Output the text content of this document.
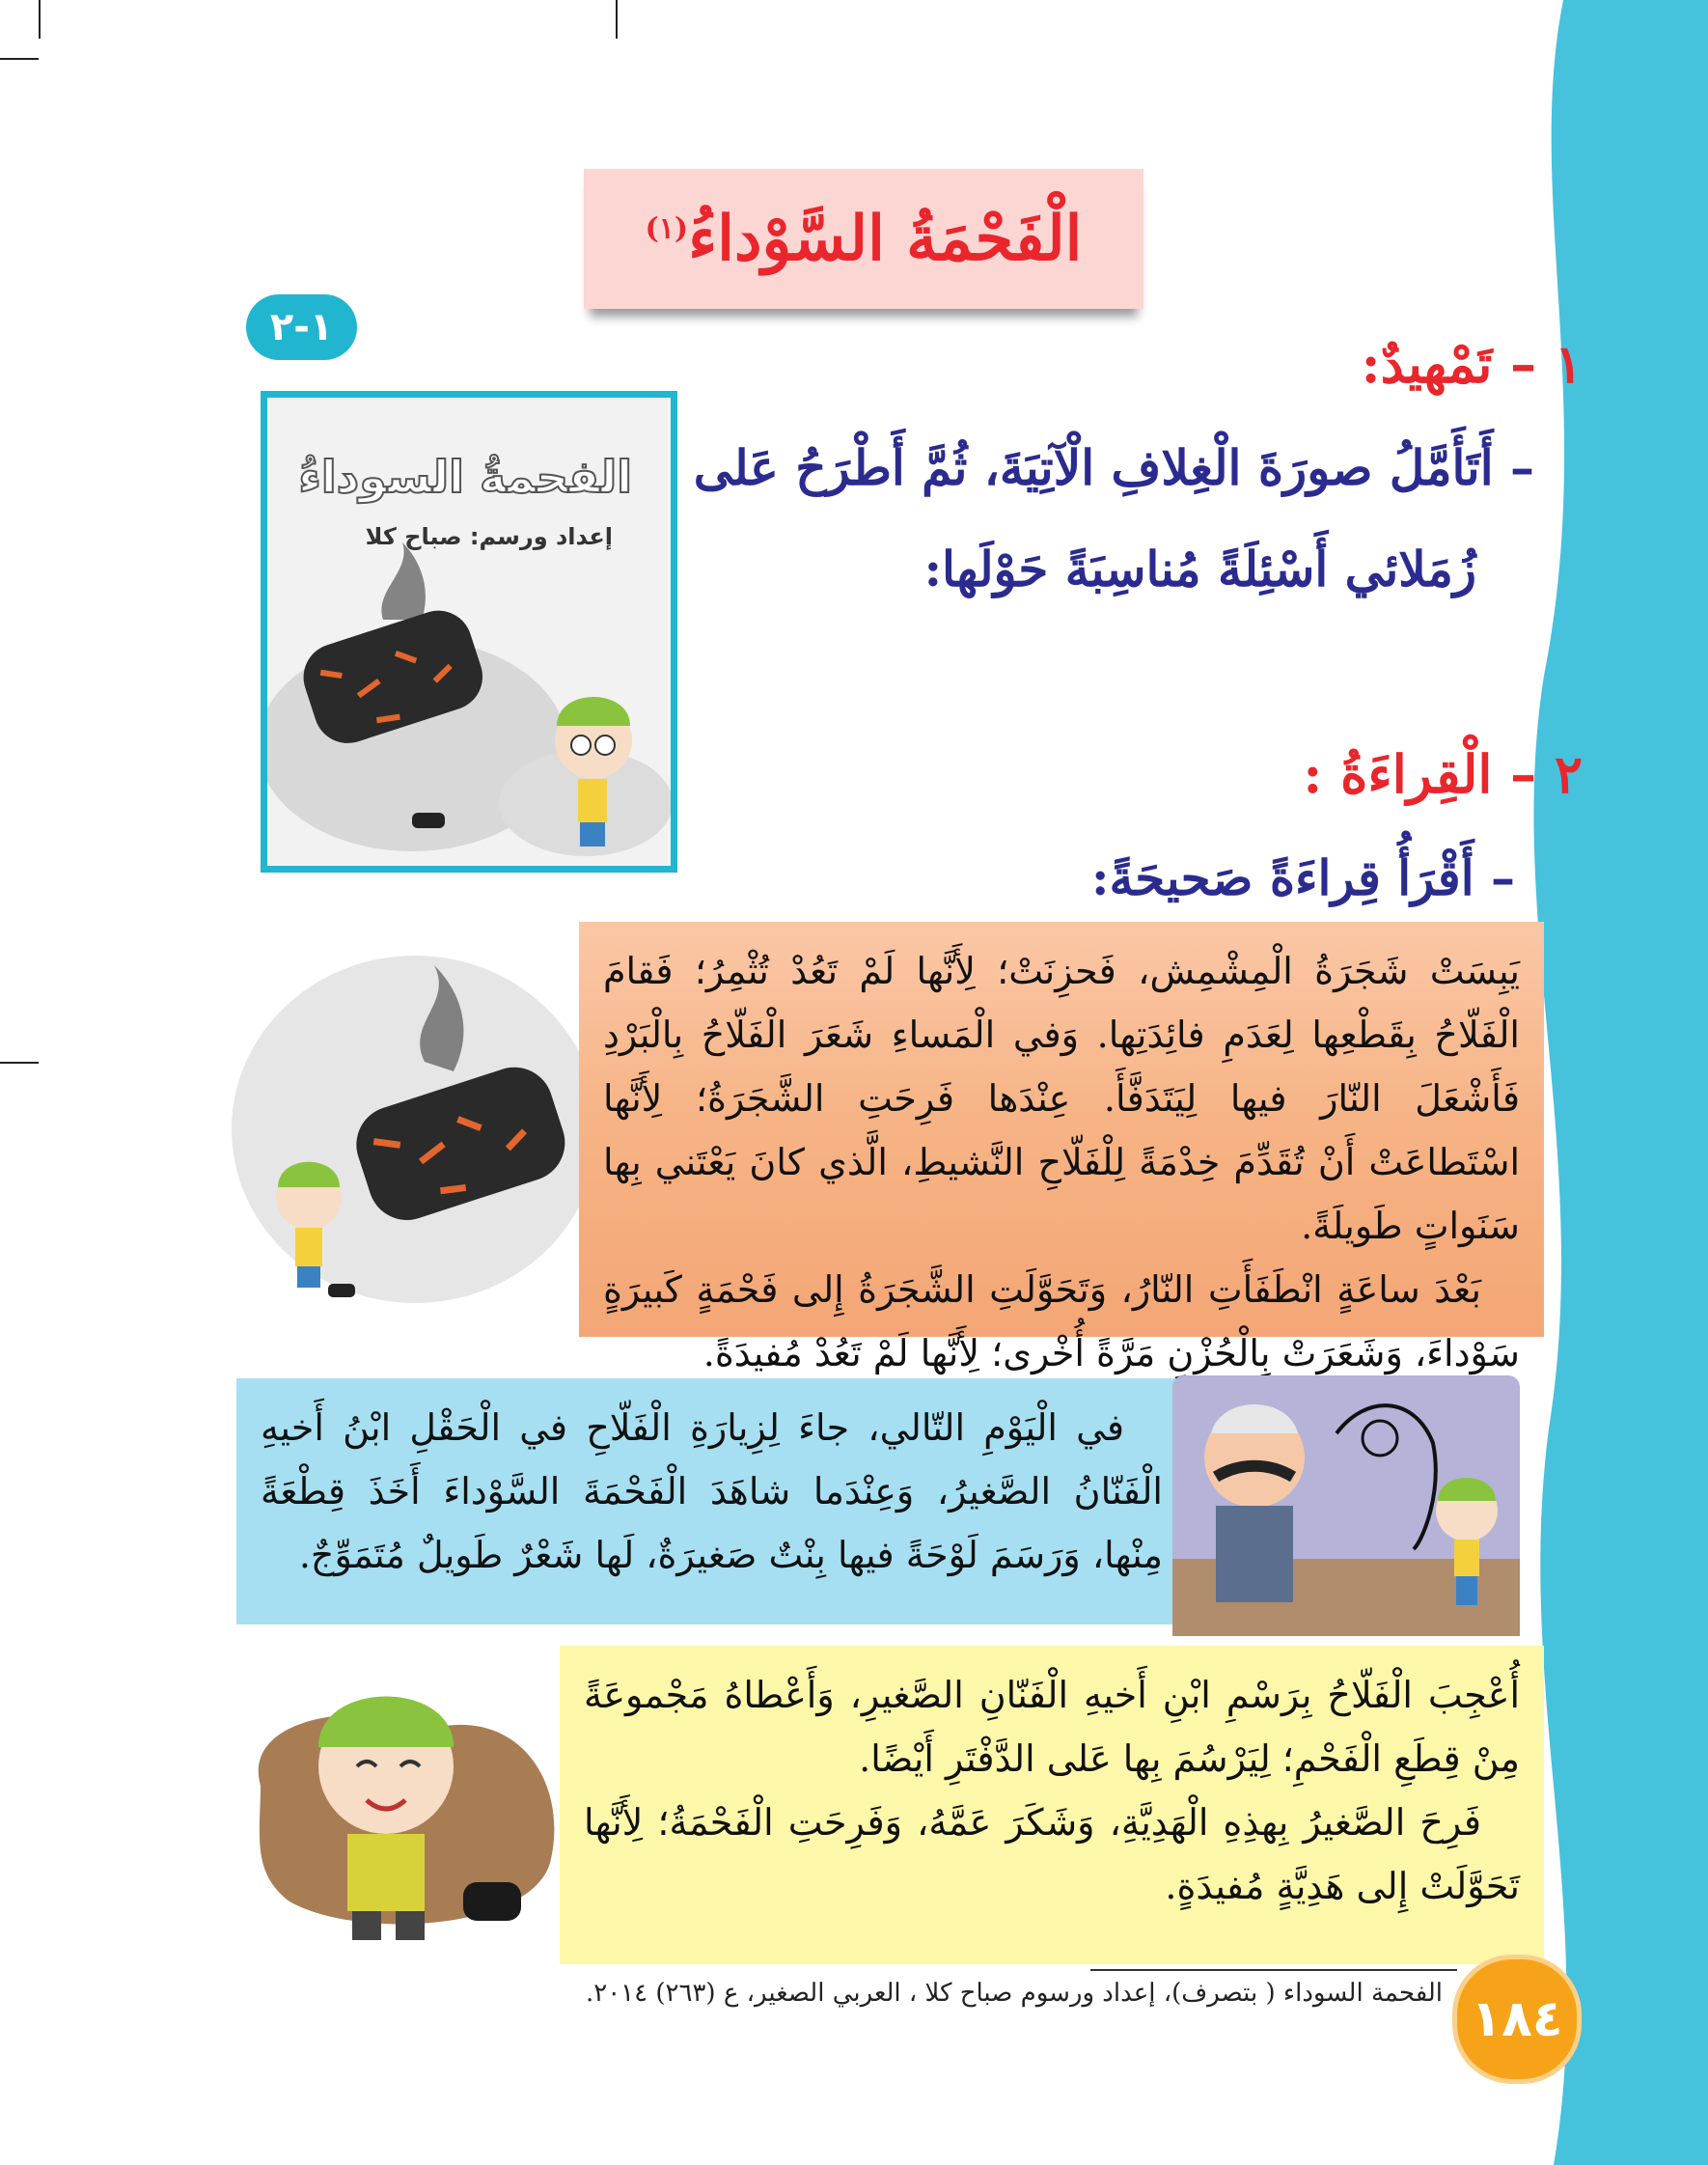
الْفَحْمَةُ السَّوْداءُ$^{(١)}$
١-٢
١ – تَمْهيدٌ:
– أَتَأَمَّلُ صورَةَ الْغِلافِ الْآتِيَةَ، ثُمَّ أَطْرَحُ عَلى
زُمَلائي أَسْئِلَةً مُناسِبَةً حَوْلَها:
الفحمةُ السوداءُ
إعداد ورسم: صباح كلا
٢ – الْقِراءَةُ :
– أَقْرَأُ قِراءَةً صَحيحَةً:

يَبِسَتْ شَجَرَةُ الْمِشْمِش، فَحزِنَتْ؛ لِأَنَّها لَمْ تَعُدْ تُثْمِرُ؛ فَقامَ الْفَلّاحُ بِقَطْعِها لِعَدَمِ فائِدَتِها. وَفي الْمَساءِ شَعَرَ الْفَلّاحُ بِالْبَرْدِ فَأَشْعَلَ النّارَ فيها لِيَتَدَفَّأَ. عِنْدَها فَرِحَتِ الشَّجَرَةُ؛ لِأَنَّها اسْتَطاعَتْ أَنْ تُقَدِّمَ خِدْمَةً لِلْفَلّاحِ النَّشيطِ، الَّذي كانَ يَعْتَني بِها سَنَواتٍ طَويلَةً.

بَعْدَ ساعَةٍ انْطَفَأَتِ النّارُ، وَتَحَوَّلَتِ الشَّجَرَةُ إِلى فَحْمَةٍ كَبيرَةٍ سَوْداءَ، وَشَعَرَتْ بِالْحُزْنِ مَرَّةً أُخْرى؛ لِأَنَّها لَمْ تَعُدْ مُفيدَةً.

في الْيَوْمِ التّالي، جاءَ لِزِيارَةِ الْفَلّاحِ في الْحَقْلِ ابْنُ أَخيهِ الْفَنّانُ الصَّغيرُ، وَعِنْدَما شاهَدَ الْفَحْمَةَ السَّوْداءَ أَخَذَ قِطْعَةً مِنْها، وَرَسَمَ لَوْحَةً فيها بِنْتٌ صَغيرَةٌ، لَها شَعْرٌ طَويلٌ مُتَمَوِّجٌ.

أُعْجِبَ الْفَلّاحُ بِرَسْمِ ابْنِ أَخيهِ الْفَنّانِ الصَّغيرِ، وَأَعْطاهُ مَجْموعَةً مِنْ قِطَعِ الْفَحْمِ؛ لِيَرْسُمَ بِها عَلى الدَّفْتَرِ أَيْضًا.

فَرِحَ الصَّغيرُ بِهذِهِ الْهَدِيَّةِ، وَشَكَرَ عَمَّهُ، وَفَرِحَتِ الْفَحْمَةُ؛ لِأَنَّها تَحَوَّلَتْ إِلى هَدِيَّةٍ مُفيدَةٍ.

الفحمة السوداء ( بتصرف)، إعداد ورسوم صباح كلا ، العربي الصغير، ع (٢٦٣) ٢٠١٤. ١٨٤
